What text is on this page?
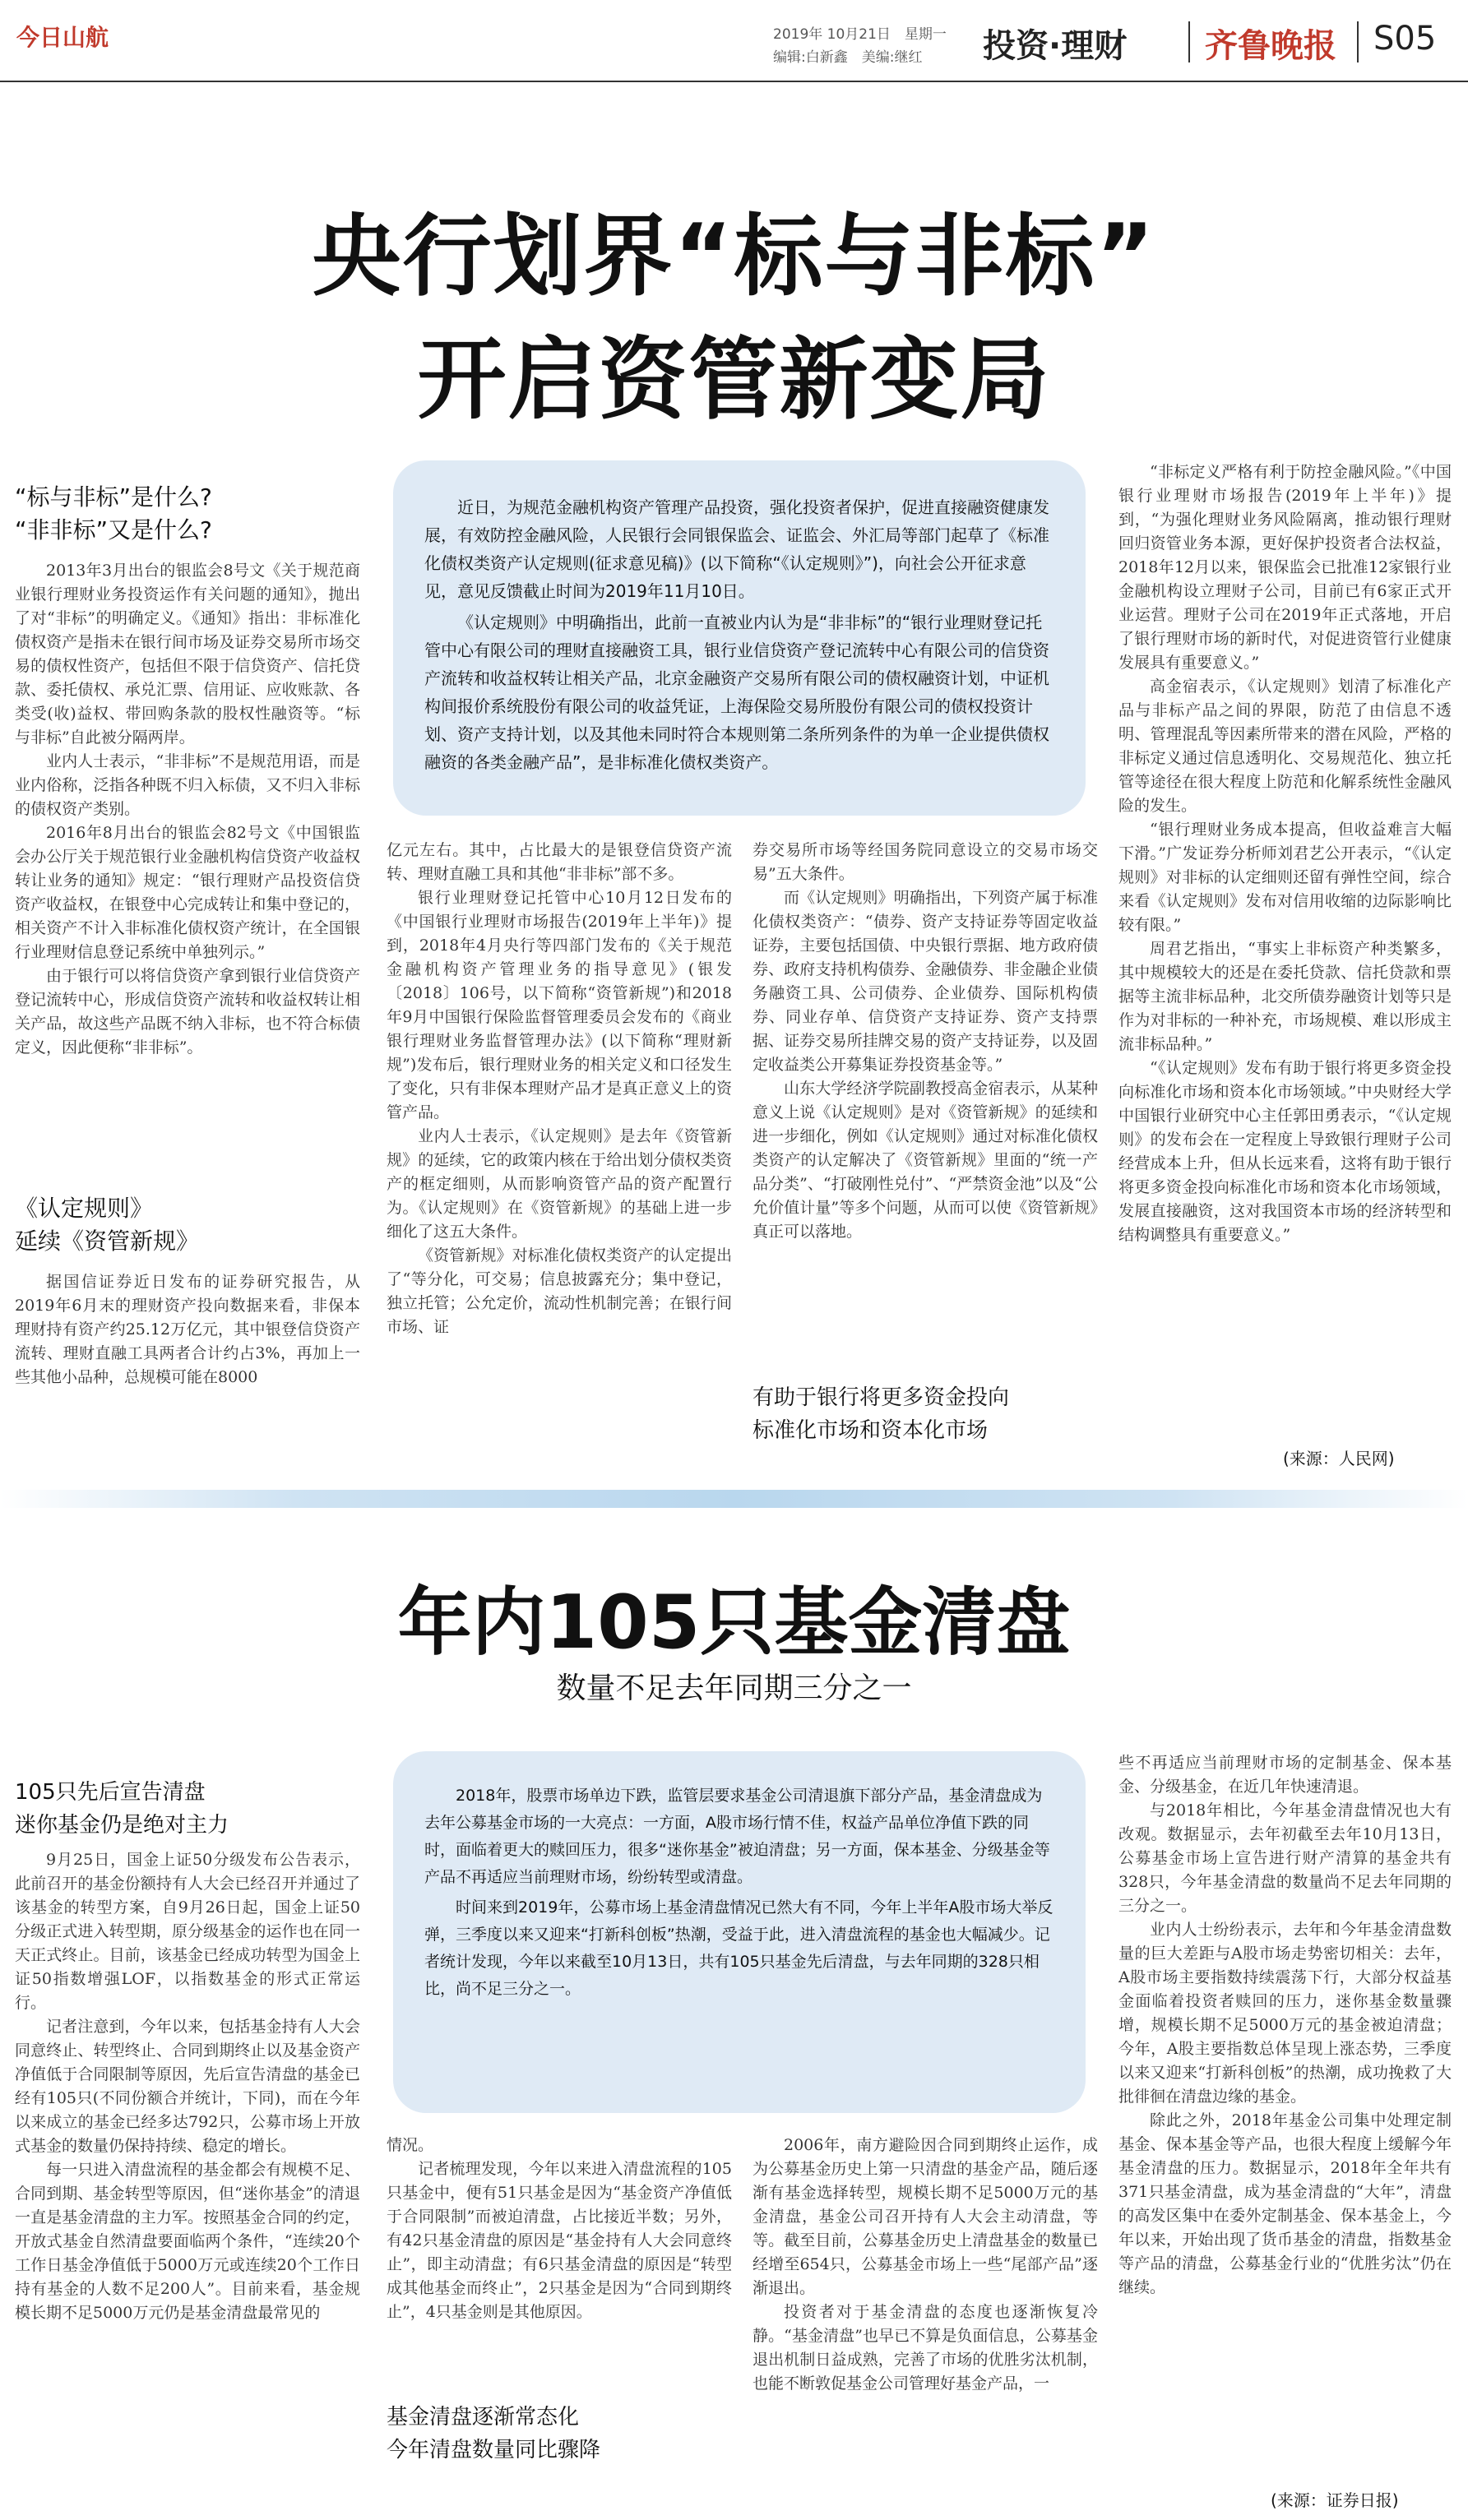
今日山航	2019年 10月21日　星期一
编辑:白新鑫　美编:继红	投资·理财 齐鲁晚报 S05
央行划界“标与非标”
开启资管新变局

近日，为规范金融机构资产管理产品投资，强化投资者保护，促进直接融资健康发展，有效防控金融风险，人民银行会同银保监会、证监会、外汇局等部门起草了《标准化债权类资产认定规则(征求意见稿)》(以下简称“《认定规则》”)，向社会公开征求意见，意见反馈截止时间为2019年11月10日。

《认定规则》中明确指出，此前一直被业内认为是“非非标”的“银行业理财登记托管中心有限公司的理财直接融资工具，银行业信贷资产登记流转中心有限公司的信贷资产流转和收益权转让相关产品，北京金融资产交易所有限公司的债权融资计划，中证机构间报价系统股份有限公司的收益凭证，上海保险交易所股份有限公司的债权投资计划、资产支持计划，以及其他未同时符合本规则第二条所列条件的为单一企业提供债权融资的各类金融产品”，是非标准化债权类资产。

“标与非标”是什么?
“非非标”又是什么?

2013年3月出台的银监会8号文《关于规范商业银行理财业务投资运作有关问题的通知》，抛出了对“非标”的明确定义。《通知》指出：非标准化债权资产是指未在银行间市场及证券交易所市场交易的债权性资产，包括但不限于信贷资产、信托贷款、委托债权、承兑汇票、信用证、应收账款、各类受(收)益权、带回购条款的股权性融资等。“标与非标”自此被分隔两岸。

业内人士表示，“非非标”不是规范用语，而是业内俗称，泛指各种既不归入标债，又不归入非标的债权资产类别。

2016年8月出台的银监会82号文《中国银监会办公厅关于规范银行业金融机构信贷资产收益权转让业务的通知》规定：“银行理财产品投资信贷资产收益权，在银登中心完成转让和集中登记的，相关资产不计入非标准化债权资产统计，在全国银行业理财信息登记系统中单独列示。”

由于银行可以将信贷资产拿到银行业信贷资产登记流转中心，形成信贷资产流转和收益权转让相关产品，故这些产品既不纳入非标，也不符合标债定义，因此便称“非非标”。

《认定规则》
延续《资管新规》

据国信证券近日发布的证券研究报告，从2019年6月末的理财资产投向数据来看，非保本理财持有资产约25.12万亿元，其中银登信贷资产流转、理财直融工具两者合计约占3%，再加上一些其他小品种，总规模可能在8000

亿元左右。其中，占比最大的是银登信贷资产流转、理财直融工具和其他“非非标”部不多。

银行业理财登记托管中心10月12日发布的《中国银行业理财市场报告(2019年上半年)》提到，2018年4月央行等四部门发布的《关于规范金融机构资产管理业务的指导意见》(银发〔2018〕106号，以下简称“资管新规”)和2018年9月中国银行保险监督管理委员会发布的《商业银行理财业务监督管理办法》(以下简称“理财新规”)发布后，银行理财业务的相关定义和口径发生了变化，只有非保本理财产品才是真正意义上的资管产品。

业内人士表示，《认定规则》是去年《资管新规》的延续，它的政策内核在于给出划分债权类资产的框定细则，从而影响资管产品的资产配置行为。《认定规则》在《资管新规》的基础上进一步细化了这五大条件。

《资管新规》对标准化债权类资产的认定提出了“等分化，可交易；信息披露充分；集中登记，独立托管；公允定价，流动性机制完善；在银行间市场、证

券交易所市场等经国务院同意设立的交易市场交易”五大条件。

而《认定规则》明确指出，下列资产属于标准化债权类资产：“债券、资产支持证券等固定收益证券，主要包括国债、中央银行票据、地方政府债券、政府支持机构债券、金融债券、非金融企业债务融资工具、公司债券、企业债券、国际机构债券、同业存单、信贷资产支持证券、资产支持票据、证券交易所挂牌交易的资产支持证券，以及固定收益类公开募集证券投资基金等。”

山东大学经济学院副教授高金宿表示，从某种意义上说《认定规则》是对《资管新规》的延续和进一步细化，例如《认定规则》通过对标准化债权类资产的认定解决了《资管新规》里面的“统一产品分类”、“打破刚性兑付”、“严禁资金池”以及“公允价值计量”等多个问题，从而可以使《资管新规》真正可以落地。

有助于银行将更多资金投向
标准化市场和资本化市场

“非标定义严格有利于防控金融风险。”《中国银行业理财市场报告(2019年上半年)》提到，“为强化理财业务风险隔离，推动银行理财回归资管业务本源，更好保护投资者合法权益，2018年12月以来，银保监会已批准12家银行业金融机构设立理财子公司，目前已有6家正式开业运营。理财子公司在2019年正式落地，开启了银行理财市场的新时代，对促进资管行业健康发展具有重要意义。”

高金宿表示，《认定规则》划清了标准化产品与非标产品之间的界限，防范了由信息不透明、管理混乱等因素所带来的潜在风险，严格的非标定义通过信息透明化、交易规范化、独立托管等途径在很大程度上防范和化解系统性金融风险的发生。

“银行理财业务成本提高，但收益难言大幅下滑。”广发证券分析师刘君艺公开表示，“《认定规则》对非标的认定细则还留有弹性空间，综合来看《认定规则》发布对信用收缩的边际影响比较有限。”

周君艺指出，“事实上非标资产种类繁多，其中规模较大的还是在委托贷款、信托贷款和票据等主流非标品种，北交所债券融资计划等只是作为对非标的一种补充，市场规模、难以形成主流非标品种。”

“《认定规则》发布有助于银行将更多资金投向标准化市场和资本化市场领域。”中央财经大学中国银行业研究中心主任郭田勇表示，“《认定规则》的发布会在一定程度上导致银行理财子公司经营成本上升，但从长远来看，这将有助于银行将更多资金投向标准化市场和资本化市场领域，发展直接融资，这对我国资本市场的经济转型和结构调整具有重要意义。”

(来源：人民网)
年内105只基金清盘
数量不足去年同期三分之一

2018年，股票市场单边下跌，监管层要求基金公司清退旗下部分产品，基金清盘成为去年公募基金市场的一大亮点：一方面，A股市场行情不佳，权益产品单位净值下跌的同时，面临着更大的赎回压力，很多“迷你基金”被迫清盘；另一方面，保本基金、分级基金等产品不再适应当前理财市场，纷纷转型或清盘。

时间来到2019年，公募市场上基金清盘情况已然大有不同，今年上半年A股市场大举反弹，三季度以来又迎来“打新科创板”热潮，受益于此，进入清盘流程的基金也大幅减少。记者统计发现，今年以来截至10月13日，共有105只基金先后清盘，与去年同期的328只相比，尚不足三分之一。

105只先后宣告清盘
迷你基金仍是绝对主力

9月25日，国金上证50分级发布公告表示，此前召开的基金份额持有人大会已经召开并通过了该基金的转型方案，自9月26日起，国金上证50分级正式进入转型期，原分级基金的运作也在同一天正式终止。目前，该基金已经成功转型为国金上证50指数增强LOF，以指数基金的形式正常运行。

记者注意到，今年以来，包括基金持有人大会同意终止、转型终止、合同到期终止以及基金资产净值低于合同限制等原因，先后宣告清盘的基金已经有105只(不同份额合并统计，下同)，而在今年以来成立的基金已经多达792只，公募市场上开放式基金的数量仍保持持续、稳定的增长。

每一只进入清盘流程的基金都会有规模不足、合同到期、基金转型等原因，但“迷你基金”的清退一直是基金清盘的主力军。按照基金合同的约定，开放式基金自然清盘要面临两个条件，“连续20个工作日基金净值低于5000万元或连续20个工作日持有基金的人数不足200人”。目前来看，基金规模长期不足5000万元仍是基金清盘最常见的

情况。

记者梳理发现，今年以来进入清盘流程的105只基金中，便有51只基金是因为“基金资产净值低于合同限制”而被迫清盘，占比接近半数；另外，有42只基金清盘的原因是“基金持有人大会同意终止”，即主动清盘；有6只基金清盘的原因是“转型成其他基金而终止”，2只基金是因为“合同到期终止”，4只基金则是其他原因。

基金清盘逐渐常态化
今年清盘数量同比骤降

2006年，南方避险因合同到期终止运作，成为公募基金历史上第一只清盘的基金产品，随后逐渐有基金选择转型，规模长期不足5000万元的基金清盘，基金公司召开持有人大会主动清盘，等等。截至目前，公募基金历史上清盘基金的数量已经增至654只，公募基金市场上一些“尾部产品”逐渐退出。

投资者对于基金清盘的态度也逐渐恢复冷静。“基金清盘”也早已不算是负面信息，公募基金退出机制日益成熟，完善了市场的优胜劣汰机制，也能不断敦促基金公司管理好基金产品，一

些不再适应当前理财市场的定制基金、保本基金、分级基金，在近几年快速清退。

与2018年相比，今年基金清盘情况也大有改观。数据显示，去年初截至去年10月13日，公募基金市场上宣告进行财产清算的基金共有328只，今年基金清盘的数量尚不足去年同期的三分之一。

业内人士纷纷表示，去年和今年基金清盘数量的巨大差距与A股市场走势密切相关：去年，A股市场主要指数持续震荡下行，大部分权益基金面临着投资者赎回的压力，迷你基金数量骤增，规模长期不足5000万元的基金被迫清盘；今年，A股主要指数总体呈现上涨态势，三季度以来又迎来“打新科创板”的热潮，成功挽救了大批徘徊在清盘边缘的基金。

除此之外，2018年基金公司集中处理定制基金、保本基金等产品，也很大程度上缓解今年基金清盘的压力。数据显示，2018年全年共有371只基金清盘，成为基金清盘的“大年”，清盘的高发区集中在委外定制基金、保本基金上，今年以来，开始出现了货币基金的清盘，指数基金等产品的清盘，公募基金行业的“优胜劣汰”仍在继续。

(来源：证券日报)
